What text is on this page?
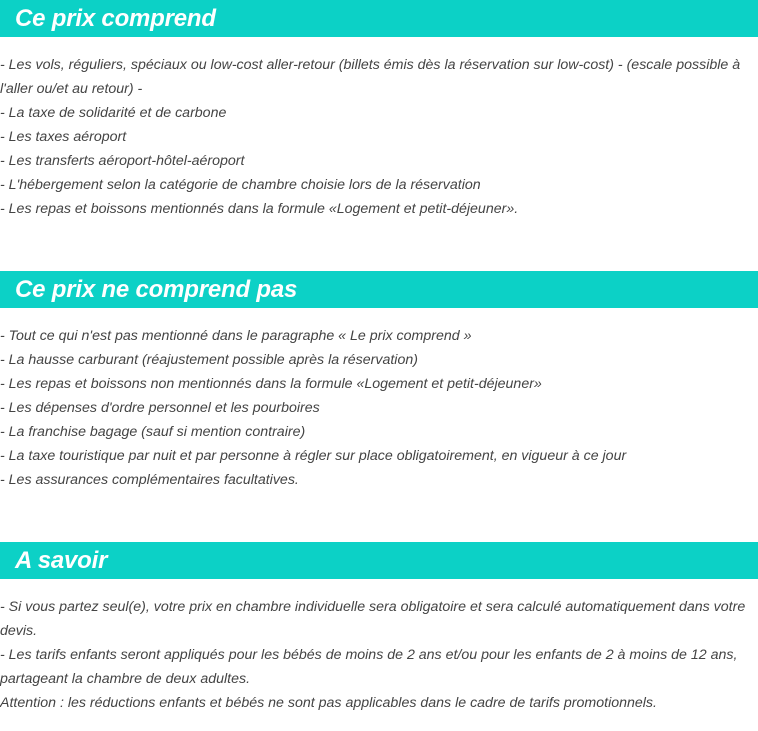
Ce prix comprend
- Les vols, réguliers, spéciaux ou low-cost aller-retour (billets émis dès la réservation sur low-cost) - (escale possible à
l'aller ou/et au retour) -
- La taxe de solidarité et de carbone
- Les taxes aéroport
- Les transferts aéroport-hôtel-aéroport
- L'hébergement selon la catégorie de chambre choisie lors de la réservation
- Les repas et boissons mentionnés dans la formule «Logement et petit-déjeuner».
Ce prix ne comprend pas
- Tout ce qui n'est pas mentionné dans le paragraphe « Le prix comprend »
- La hausse carburant (réajustement possible après la réservation)
- Les repas et boissons non mentionnés dans la formule «Logement et petit-déjeuner»
- Les dépenses d'ordre personnel et les pourboires
- La franchise bagage (sauf si mention contraire)
- La taxe touristique par nuit et par personne à régler sur place obligatoirement, en vigueur à ce jour
- Les assurances complémentaires facultatives.
A savoir
- Si vous partez seul(e), votre prix en chambre individuelle sera obligatoire et sera calculé automatiquement dans votre
devis.
- Les tarifs enfants seront appliqués pour les bébés de moins de 2 ans et/ou pour les enfants de 2 à moins de 12 ans,
partageant la chambre de deux adultes.
Attention : les réductions enfants et bébés ne sont pas applicables dans le cadre de tarifs promotionnels.
